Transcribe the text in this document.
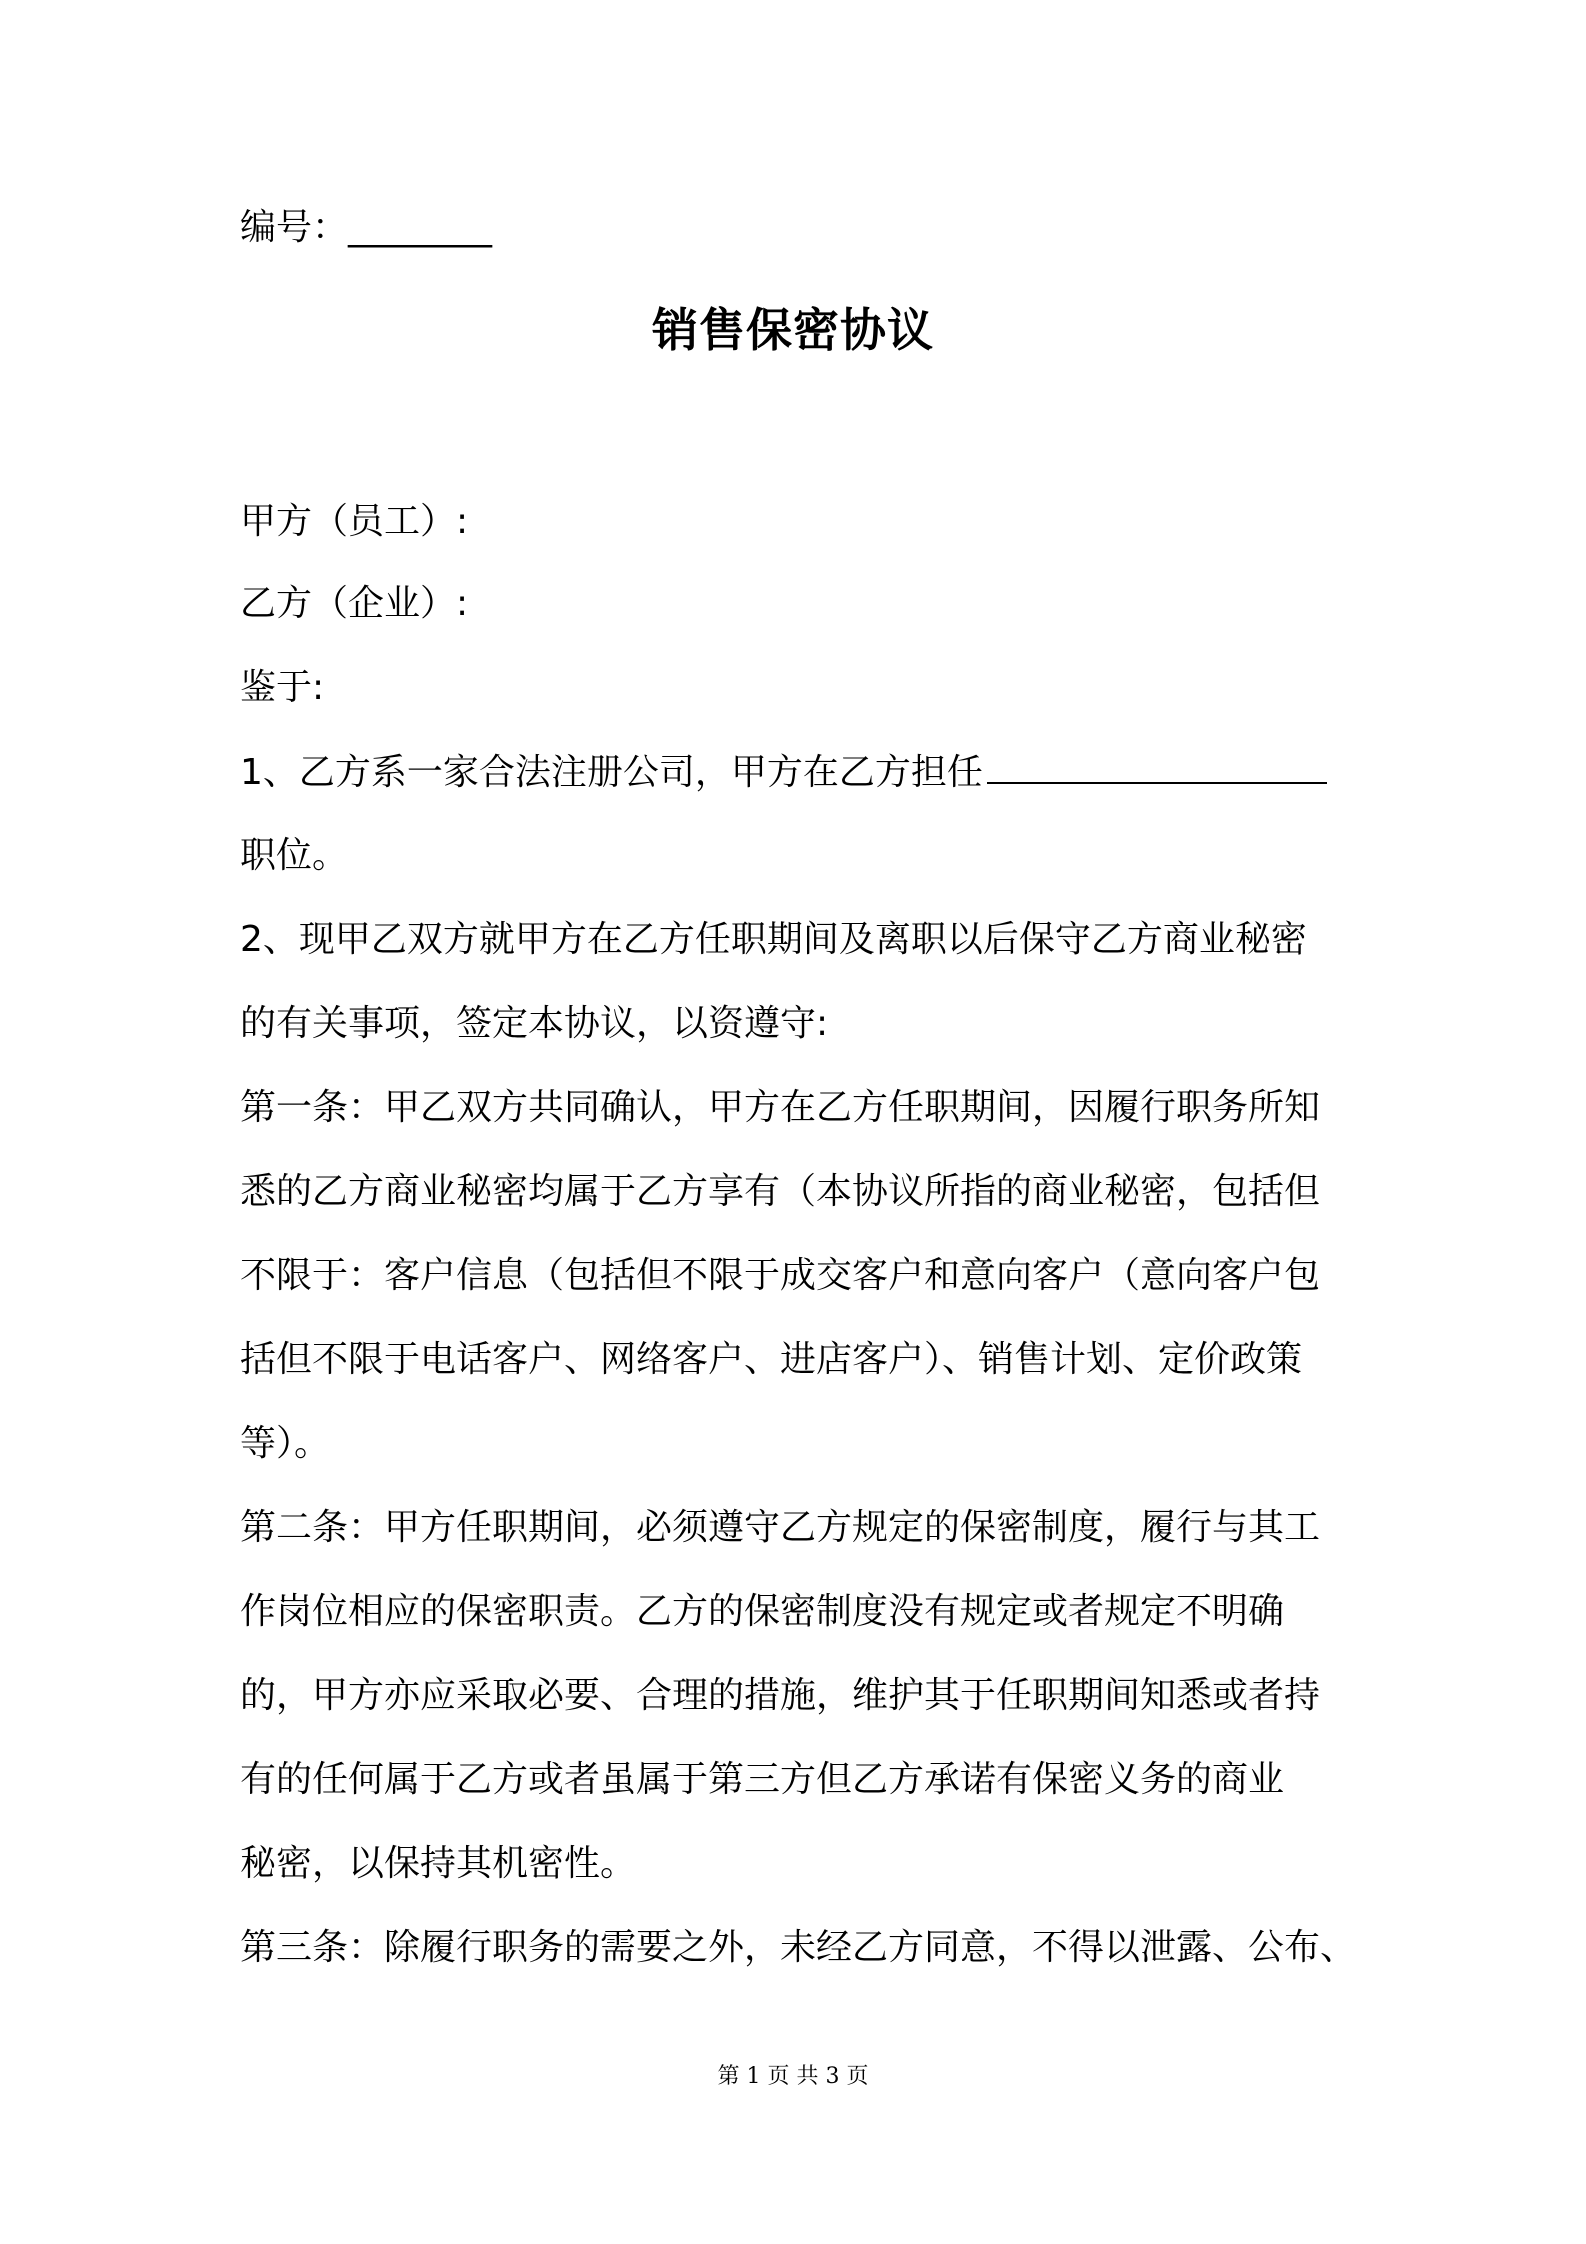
编号：________
销售保密协议
甲方（员工）:
乙方（企业）:
鉴于:
1、乙方系一家合法注册公司，甲方在乙方担任
职位。
2、现甲乙双方就甲方在乙方任职期间及离职以后保守乙方商业秘密
的有关事项，签定本协议，以资遵守:
第一条：甲乙双方共同确认，甲方在乙方任职期间，因履行职务所知
悉的乙方商业秘密均属于乙方享有（本协议所指的商业秘密，包括但
不限于：客户信息（包括但不限于成交客户和意向客户（意向客户包
括但不限于电话客户、网络客户、进店客户）、销售计划、定价政策
等）。
第二条：甲方任职期间，必须遵守乙方规定的保密制度，履行与其工
作岗位相应的保密职责。乙方的保密制度没有规定或者规定不明确
的，甲方亦应采取必要、合理的措施，维护其于任职期间知悉或者持
有的任何属于乙方或者虽属于第三方但乙方承诺有保密义务的商业
秘密，以保持其机密性。
第三条：除履行职务的需要之外，未经乙方同意，不得以泄露、公布、
第 1 页 共 3 页
